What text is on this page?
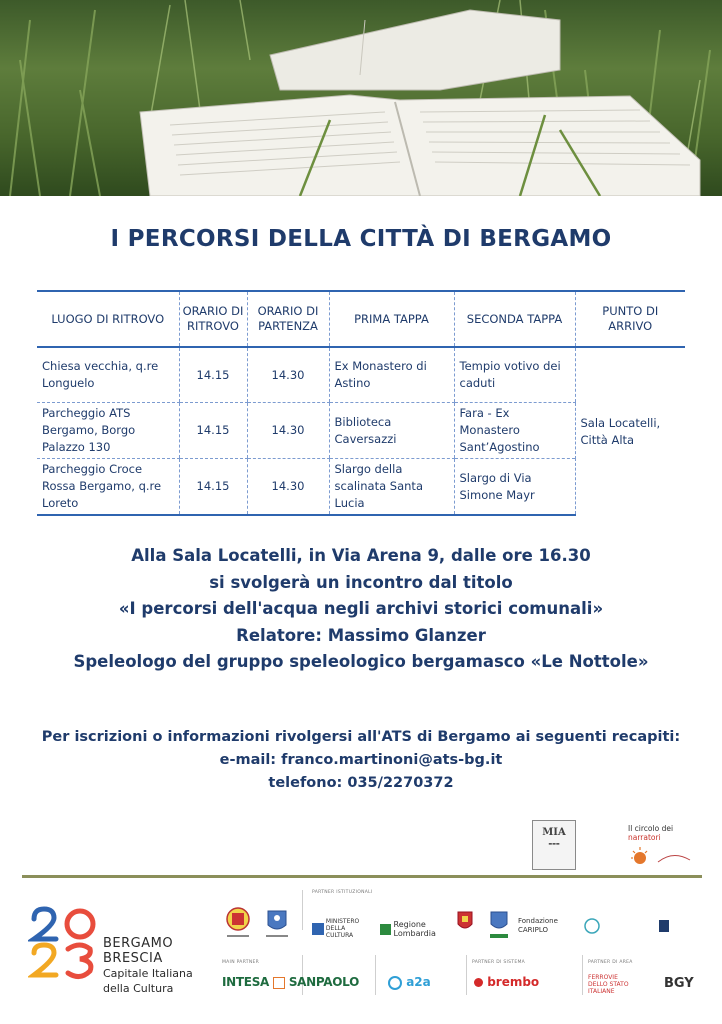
I PERCORSI DELLA CITTÀ DI BERGAMO
LUOGO DI RITROVO	ORARIO DI RITROVO	ORARIO DI PARTENZA	PRIMA TAPPA	SECONDA TAPPA	PUNTO DI ARRIVO
Chiesa vecchia, q.re Longuelo	14.15	14.30	Ex Monastero di Astino	Tempio votivo dei caduti	Sala Locatelli, Città Alta
Parcheggio ATS Bergamo, Borgo Palazzo 130	14.15	14.30	Biblioteca Caversazzi	Fara - Ex Monastero Sant’Agostino	
Parcheggio Croce Rossa Bergamo, q.re Loreto	14.15	14.30	Slargo della scalinata Santa Lucia	Slargo di Via Simone Mayr	
Alla Sala Locatelli, in Via Arena 9, dalle ore 16.30
si svolgerà un incontro dal titolo
«I percorsi dell'acqua negli archivi storici comunali»
Relatore: Massimo Glanzer
Speleologo del gruppo speleologico bergamasco «Le Nottole»
Per iscrizioni o informazioni rivolgersi all'ATS di Bergamo ai seguenti recapiti:
e-mail: franco.martinoni@ats-bg.it
telefono: 035/2270372
MIA
▬▬▬
Il circolo dei narratori
BERGAMO
BRESCIA
Capitale Italiana
della Cultura
PARTNER ISTITUZIONALI
MAIN PARTNER	PARTNER DI SISTEMA	PARTNER DI AREA
MINISTERO DELLA CULTURA
Regione Lombardia
Fondazione CARIPLO
INTESA SANPAOLO	a2a	brembo	FERROVIE DELLO STATO ITALIANE
BGY
